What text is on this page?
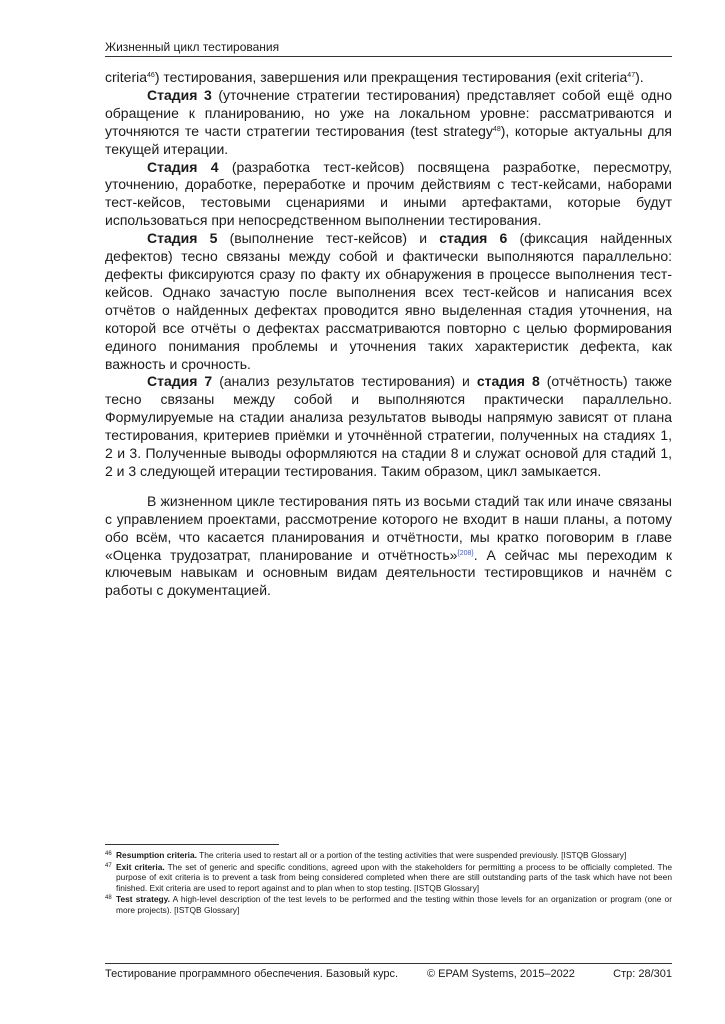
Жизненный цикл тестирования

criteria$^{46}$) тестирования, завершения или прекращения тестирования (exit criteria$^{47}$).

Стадия 3 (уточнение стратегии тестирования) представляет собой ещё одно обращение к планированию, но уже на локальном уровне: рассматриваются и уточняются те части стратегии тестирования (test strategy$^{48}$), которые актуальны для текущей итерации.

Стадия 4 (разработка тест-кейсов) посвящена разработке, пересмотру, уточнению, доработке, переработке и прочим действиям с тест-кейсами, наборами тест-кейсов, тестовыми сценариями и иными артефактами, которые будут использоваться при непосредственном выполнении тестирования.

Стадия 5 (выполнение тест-кейсов) и стадия 6 (фиксация найденных дефектов) тесно связаны между собой и фактически выполняются параллельно: дефекты фиксируются сразу по факту их обнаружения в процессе выполнения тест-кейсов. Однако зачастую после выполнения всех тест-кейсов и написания всех отчётов о найденных дефектах проводится явно выделенная стадия уточнения, на которой все отчёты о дефектах рассматриваются повторно с целью формирования единого понимания проблемы и уточнения таких характеристик дефекта, как важность и срочность.

Стадия 7 (анализ результатов тестирования) и стадия 8 (отчётность) также тесно связаны между собой и выполняются практически параллельно. Формулируемые на стадии анализа результатов выводы напрямую зависят от плана тестирования, критериев приёмки и уточнённой стратегии, полученных на стадиях 1, 2 и 3. Полученные выводы оформляются на стадии 8 и служат основой для стадий 1, 2 и 3 следующей итерации тестирования. Таким образом, цикл замыкается.

В жизненном цикле тестирования пять из восьми стадий так или иначе связаны с управлением проектами, рассмотрение которого не входит в наши планы, а потому обо всём, что касается планирования и отчётности, мы кратко поговорим в главе «Оценка трудозатрат, планирование и отчётность»$^{\{208\}}$. А сейчас мы переходим к ключевым навыкам и основным видам деятельности тестировщиков и начнём с работы с документацией.

$^{46}$ Resumption criteria. The criteria used to restart all or a portion of the testing activities that were suspended previously. [ISTQB Glossary]
$^{47}$ Exit criteria. The set of generic and specific conditions, agreed upon with the stakeholders for permitting a process to be officially completed. The purpose of exit criteria is to prevent a task from being considered completed when there are still outstanding parts of the task which have not been finished. Exit criteria are used to report against and to plan when to stop testing. [ISTQB Glossary]
$^{48}$ Test strategy. A high-level description of the test levels to be performed and the testing within those levels for an organization or program (one or more projects). [ISTQB Glossary]
Тестирование программного обеспечения. Базовый курс.	© EPAM Systems, 2015–2022	Стр: 28/301
